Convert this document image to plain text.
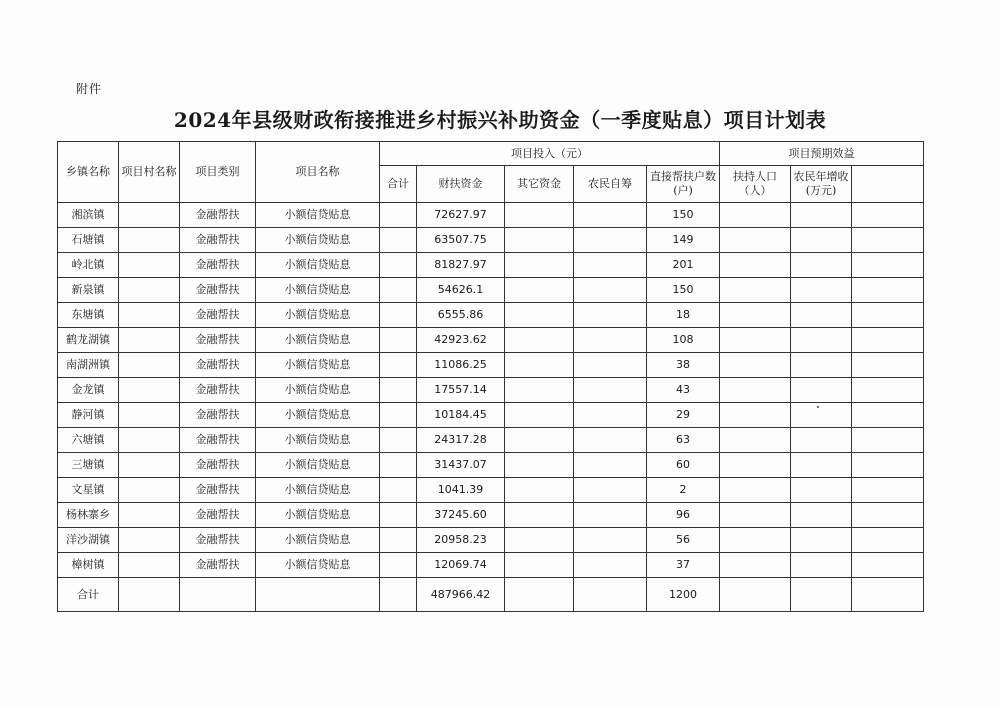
附件
2024年县级财政衔接推进乡村振兴补助资金（一季度贴息）项目计划表
乡镇名称	项目村名称	项目类别	项目名称	项目投入（元）					项目预期效益	
				合计	财扶资金	其它资金	农民自筹	直接帮扶户数(户)	扶持人口（人）	农民年增收(万元)		
湘滨镇		金融帮扶	小额信贷贴息		72627.97			150				
石塘镇		金融帮扶	小额信贷贴息		63507.75			149				
岭北镇		金融帮扶	小额信贷贴息		81827.97			201				
新泉镇		金融帮扶	小额信贷贴息		54626.1			150				
东塘镇		金融帮扶	小额信贷贴息		6555.86			18				
鹤龙湖镇		金融帮扶	小额信贷贴息		42923.62			108				
南湖洲镇		金融帮扶	小额信贷贴息		11086.25			38				
金龙镇		金融帮扶	小额信贷贴息		17557.14			43				
静河镇		金融帮扶	小额信贷贴息		10184.45			29				
六塘镇		金融帮扶	小额信贷贴息		24317.28			63				
三塘镇		金融帮扶	小额信贷贴息		31437.07			60				
文星镇		金融帮扶	小额信贷贴息		1041.39			2				
杨林寨乡		金融帮扶	小额信贷贴息		37245.60			96				
洋沙湖镇		金融帮扶	小额信贷贴息		20958.23			56				
樟树镇		金融帮扶	小额信贷贴息		12069.74			37				
合计					487966.42			1200				
